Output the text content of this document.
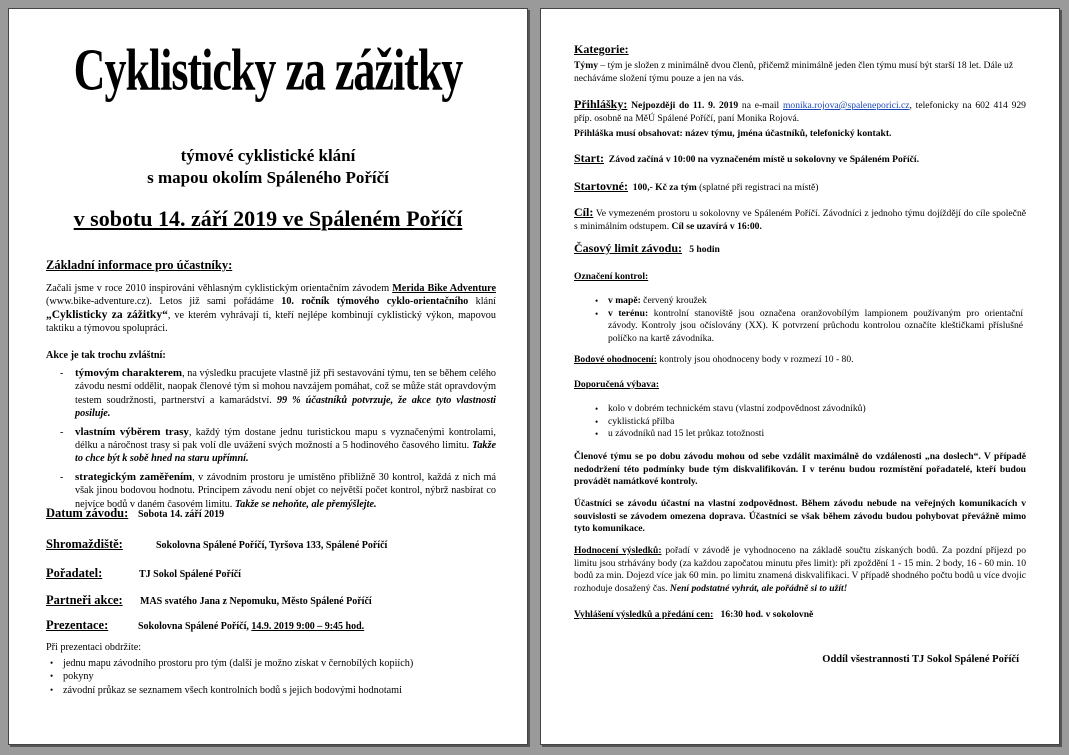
Cyklisticky za zážitky
týmové cyklistické klání
s mapou okolím Spáleného Poříčí
v sobotu 14. září 2019 ve Spáleném Poříčí
Základní informace pro účastníky:
Začali jsme v roce 2010 inspirováni věhlasným cyklistickým orientačním závodem Merida Bike Adventure (www.bike-adventure.cz). Letos již sami pořádáme 10. ročník týmového cyklo-orientačního klání „Cyklisticky za zážitky“, ve kterém vyhrávají ti, kteří nejlépe kombinují cyklistický výkon, mapovou taktiku a týmovou spolupráci.
Akce je tak trochu zvláštní:
- týmovým charakterem, na výsledku pracujete vlastně již při sestavování týmu, ten se během celého závodu nesmí oddělit, naopak členové tým si mohou navzájem pomáhat, což se může stát opravdovým testem soudržnosti, partnerství a kamarádství. 99 % účastníků potvrzuje, že akce tyto vlastnosti posiluje.
- vlastním výběrem trasy, každý tým dostane jednu turistickou mapu s vyznačenými kontrolami, délku a náročnost trasy si pak volí dle uvážení svých možností a 5 hodinového časového limitu. Takže to chce být k sobě hned na staru upřímní.
- strategickým zaměřením, v závodním prostoru je umístěno přibližně 30 kontrol, každá z nich má však jinou bodovou hodnotu. Principem závodu není objet co největší počet kontrol, nýbrž nasbírat co nejvíce bodů v daném časovém limitu. Takže se nehoňte, ale přemýšlejte.
Datum závodu: Sobota 14. září 2019
Shromaždiště:	Sokolovna Spálené Poříčí, Tyršova 133, Spálené Poříčí
Pořadatel:	TJ Sokol Spálené Poříčí
Partneři akce: MAS svatého Jana z Nepomuku, Město Spálené Poříčí
Prezentace:	Sokolovna Spálené Poříčí, 14.9. 2019 9:00 – 9:45 hod.
Při prezentaci obdržíte:
• jednu mapu závodního prostoru pro tým (další je možno získat v černobílých kopiích)
• pokyny
• závodní průkaz se seznamem všech kontrolních bodů s jejich bodovými hodnotami
Kategorie:
Týmy – tým je složen z minimálně dvou členů, přičemž minimálně jeden člen týmu musí být starší 18 let. Dále už necháváme složení týmu pouze a jen na vás.
Přihlášky: Nejpozději do 11. 9. 2019 na e-mail monika.rojova@spaleneporici.cz, telefonicky na 602 414 929 příp. osobně na MěÚ Spálené Poříčí, paní Monika Rojová.
Přihláška musí obsahovat: název týmu, jména účastníků, telefonický kontakt.
Start: Závod začíná v 10:00 na vyznačeném místě u sokolovny ve Spáleném Poříčí.
Startovné: 100,- Kč za tým (splatné při registraci na místě)
Cíl: Ve vymezeném prostoru u sokolovny ve Spáleném Poříčí. Závodníci z jednoho týmu dojíždějí do cíle společně s minimálním odstupem. Cíl se uzavírá v 16:00.
Časový limit závodu: 5 hodin
Označení kontrol:
• v mapě: červený kroužek
• v terénu: kontrolní stanoviště jsou označena oranžovobílým lampionem používaným pro orientační závody. Kontroly jsou očíslovány (XX). K potvrzení průchodu kontrolou označíte kleštičkami příslušné políčko na kartě závodníka.
Bodové ohodnocení: kontroly jsou ohodnoceny body v rozmezí 10 - 80.
Doporučená výbava:
• kolo v dobrém technickém stavu (vlastní zodpovědnost závodníků)
• cyklistická přilba
• u závodníků nad 15 let průkaz totožnosti
Členové týmu se po dobu závodu mohou od sebe vzdálit maximálně do vzdálenosti „na doslech“. V případě nedodržení této podmínky bude tým diskvalifikován. I v terénu budou rozmístění pořadatelé, kteří budou provádět namátkové kontroly.
Účastníci se závodu účastní na vlastní zodpovědnost. Během závodu nebude na veřejných komunikacích v souvislosti se závodem omezena doprava. Účastníci se však během závodu budou pohybovat převážně mimo tyto komunikace.
Hodnocení výsledků: pořadí v závodě je vyhodnoceno na základě součtu získaných bodů. Za pozdní příjezd po limitu jsou strhávány body (za každou započatou minutu přes limit): při zpoždění 1 - 15 min. 2 body, 16 - 60 min. 10 bodů za min. Dojezd více jak 60 min. po limitu znamená diskvalifikaci. V případě shodného počtu bodů u více dvojic rozhoduje dosažený čas. Není podstatné vyhrát, ale pořádně si to užít!
Vyhlášení výsledků a předání cen: 16:30 hod. v sokolovně
Oddíl všestrannosti TJ Sokol Spálené Poříčí
